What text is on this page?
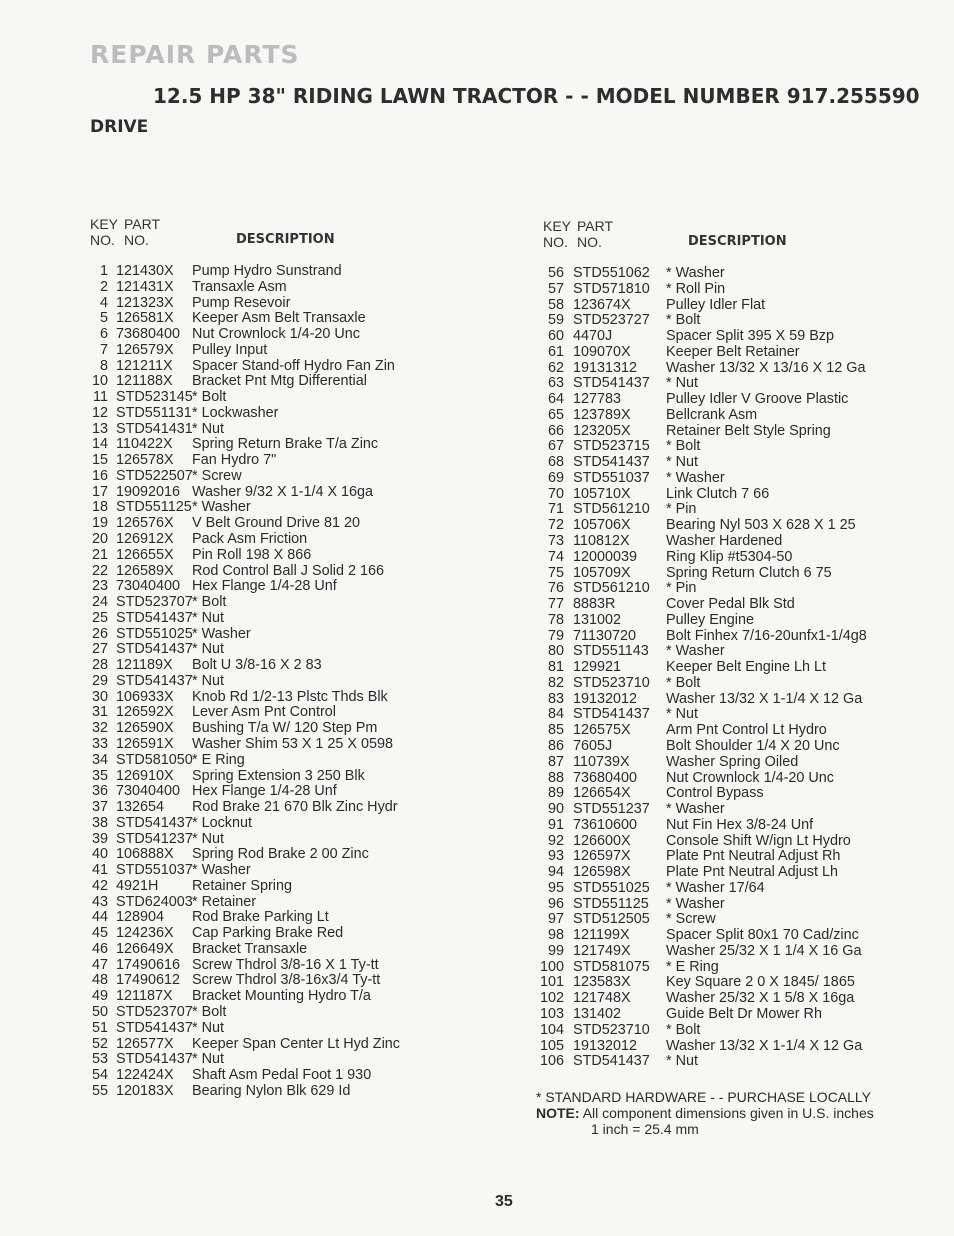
REPAIR PARTS
12.5 HP 38" RIDING LAWN TRACTOR - - MODEL NUMBER 917.255590
DRIVE
KEY PART
NO. NO.	DESCRIPTION
KEY PART
NO. NO.	DESCRIPTION
1 121430X Pump Hydro Sunstrand
2 121431X Transaxle Asm
4 121323X Pump Resevoir
5 126581X Keeper Asm Belt Transaxle
6 73680400 Nut Crownlock 1/4-20 Unc
7 126579X Pulley Input
8 121211X Spacer Stand-off Hydro Fan Zin
10 121188X Bracket Pnt Mtg Differential
11 STD523145 * Bolt
12 STD551131 * Lockwasher
13 STD541431 * Nut
14 110422X Spring Return Brake T/a Zinc
15 126578X Fan Hydro 7"
16 STD522507 * Screw
17 19092016 Washer 9/32 X 1-1/4 X 16ga
18 STD551125 * Washer
19 126576X V Belt Ground Drive 81 20
20 126912X Pack Asm Friction
21 126655X Pin Roll 198 X 866
22 126589X Rod Control Ball J Solid 2 166
23 73040400 Hex Flange 1/4-28 Unf
24 STD523707 * Bolt
25 STD541437 * Nut
26 STD551025 * Washer
27 STD541437 * Nut
28 121189X Bolt U 3/8-16 X 2 83
29 STD541437 * Nut
30 106933X Knob Rd 1/2-13 Plstc Thds Blk
31 126592X Lever Asm Pnt Control
32 126590X Bushing T/a W/ 120 Step Pm
33 126591X Washer Shim 53 X 1 25 X 0598
34 STD581050 * E Ring
35 126910X Spring Extension 3 250 Blk
36 73040400 Hex Flange 1/4-28 Unf
37 132654 Rod Brake 21 670 Blk Zinc Hydr
38 STD541437 * Locknut
39 STD541237 * Nut
40 106888X Spring Rod Brake 2 00 Zinc
41 STD551037 * Washer
42 4921H Retainer Spring
43 STD624003 * Retainer
44 128904 Rod Brake Parking Lt
45 124236X Cap Parking Brake Red
46 126649X Bracket Transaxle
47 17490616 Screw Thdrol 3/8-16 X 1 Ty-tt
48 17490612 Screw Thdrol 3/8-16x3/4 Ty-tt
49 121187X Bracket Mounting Hydro T/a
50 STD523707 * Bolt
51 STD541437 * Nut
52 126577X Keeper Span Center Lt Hyd Zinc
53 STD541437 * Nut
54 122424X Shaft Asm Pedal Foot 1 930
55 120183X Bearing Nylon Blk 629 Id
56 STD551062 * Washer
57 STD571810 * Roll Pin
58 123674X Pulley Idler Flat
59 STD523727 * Bolt
60 4470J	Spacer Split 395 X 59 Bzp
61 109070X Keeper Belt Retainer
62 19131312 Washer 13/32 X 13/16 X 12 Ga
63 STD541437 * Nut
64 127783	Pulley Idler V Groove Plastic
65 123789X Bellcrank Asm
66 123205X Retainer Belt Style Spring
67 STD523715 * Bolt
68 STD541437 * Nut
69 STD551037 * Washer
70 105710X Link Clutch 7 66
71 STD561210 * Pin
72 105706X Bearing Nyl 503 X 628 X 1 25
73 110812X	Washer Hardened
74 12000039 Ring Klip #t5304-50
75 105709X Spring Return Clutch 6 75
76 STD561210 * Pin
77 8883R	Cover Pedal Blk Std
78 131002	Pulley Engine
79 71130720 Bolt Finhex 7/16-20unfx1-1/4g8
80 STD551143 * Washer
81 129921	Keeper Belt Engine Lh Lt
82 STD523710 * Bolt
83 19132012 Washer 13/32 X 1-1/4 X 12 Ga
84 STD541437 * Nut
85 126575X Arm Pnt Control Lt Hydro
86 7605J	Bolt Shoulder 1/4 X 20 Unc
87 110739X	Washer Spring Oiled
88 73680400 Nut Crownlock 1/4-20 Unc
89 126654X Control Bypass
90 STD551237 * Washer
91 73610600 Nut Fin Hex 3/8-24 Unf
92 126600X Console Shift W/ign Lt Hydro
93 126597X Plate Pnt Neutral Adjust Rh
94 126598X Plate Pnt Neutral Adjust Lh
95 STD551025 * Washer 17/64
96 STD551125 * Washer
97 STD512505 * Screw
98 121199X	Spacer Split 80x1 70 Cad/zinc
99 121749X Washer 25/32 X 1 1/4 X 16 Ga
100 STD581075 * E Ring
101 123583X Key Square 2 0 X 1845/ 1865
102 121748X Washer 25/32 X 1 5/8 X 16ga
103 131402	Guide Belt Dr Mower Rh
104 STD523710 * Bolt
105 19132012 Washer 13/32 X 1-1/4 X 12 Ga
106 STD541437 * Nut
* STANDARD HARDWARE - - PURCHASE LOCALLY
NOTE: All component dimensions given in U.S. inches
1 inch = 25.4 mm
35
